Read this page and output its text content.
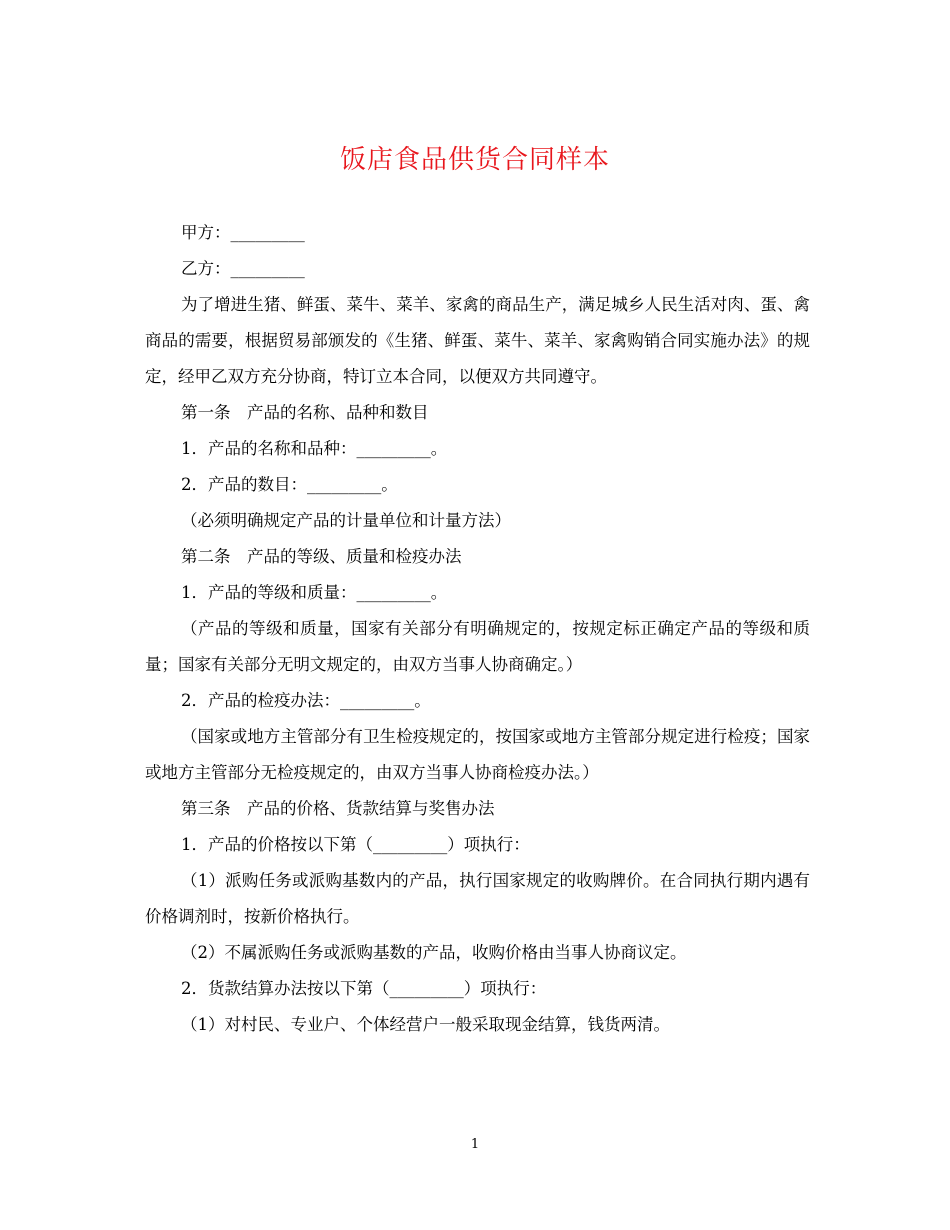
饭店食品供货合同样本

甲方：_________

乙方：_________

为了增进生猪、鲜蛋、菜牛、菜羊、家禽的商品生产，满足城乡人民生活对肉、蛋、禽商品的需要，根据贸易部颁发的《生猪、鲜蛋、菜牛、菜羊、家禽购销合同实施办法》的规定，经甲乙双方充分协商，特订立本合同，以便双方共同遵守。

第一条　产品的名称、品种和数目

1．产品的名称和品种：_________。

2．产品的数目：_________。

（必须明确规定产品的计量单位和计量方法）

第二条　产品的等级、质量和检疫办法

1．产品的等级和质量：_________。

（产品的等级和质量，国家有关部分有明确规定的，按规定标正确定产品的等级和质量；国家有关部分无明文规定的，由双方当事人协商确定。）

2．产品的检疫办法：_________。

（国家或地方主管部分有卫生检疫规定的，按国家或地方主管部分规定进行检疫；国家或地方主管部分无检疫规定的，由双方当事人协商检疫办法。）

第三条　产品的价格、货款结算与奖售办法

1．产品的价格按以下第（_________）项执行：

（1）派购任务或派购基数内的产品，执行国家规定的收购牌价。在合同执行期内遇有价格调剂时，按新价格执行。

（2）不属派购任务或派购基数的产品，收购价格由当事人协商议定。

2．货款结算办法按以下第（_________）项执行：

（1）对村民、专业户、个体经营户一般采取现金结算，钱货两清。

1
